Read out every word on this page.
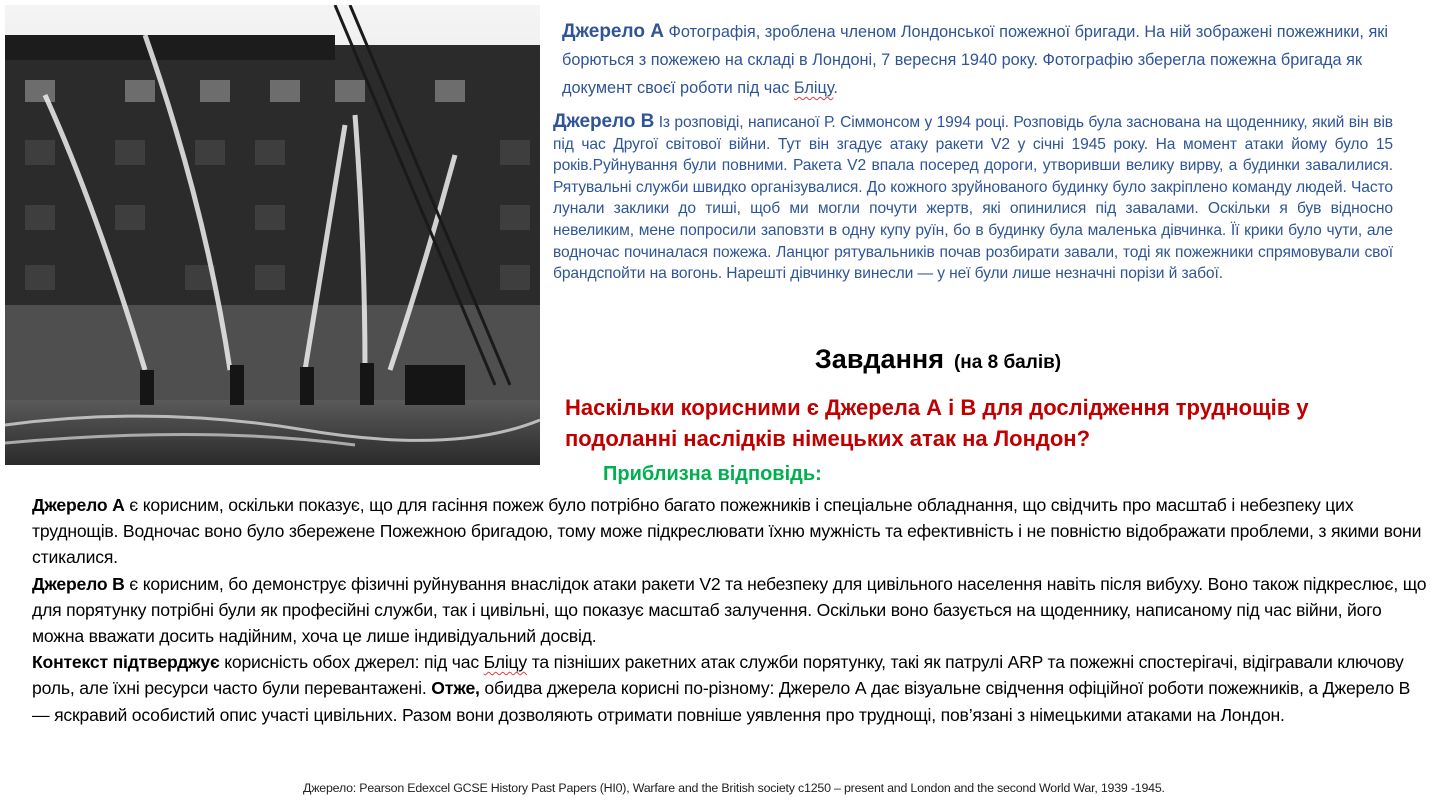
Джерело А Фотографія, зроблена членом Лондонської пожежної бригади. На ній зображені пожежники, які борються з пожежею на складі в Лондоні, 7 вересня 1940 року. Фотографію зберегла пожежна бригада як документ своєї роботи під час Бліцу.
Джерело В Із розповіді, написаної Р. Сіммонсом у 1994 році. Розповідь була заснована на щоденнику, який він вів під час Другої світової війни. Тут він згадує атаку ракети V2 у січні 1945 року. На момент атаки йому було 15 років.Руйнування були повними. Ракета V2 впала посеред дороги, утворивши велику вирву, а будинки завалилися. Рятувальні служби швидко організувалися. До кожного зруйнованого будинку було закріплено команду людей. Часто лунали заклики до тиші, щоб ми могли почути жертв, які опинилися під завалами. Оскільки я був відносно невеликим, мене попросили заповзти в одну купу руїн, бо в будинку була маленька дівчинка. Її крики було чути, але водночас починалася пожежа. Ланцюг рятувальників почав розбирати завали, тоді як пожежники спрямовували свої брандспойти на вогонь. Нарешті дівчинку винесли — у неї були лише незначні порізи й забої.
Завдання (на 8 балів)
Наскільки корисними є Джерела А і В для дослідження труднощів у подоланні наслідків німецьких атак на Лондон?
Приблизна відповідь:

Джерело А є корисним, оскільки показує, що для гасіння пожеж було потрібно багато пожежників і спеціальне обладнання, що свідчить про масштаб і небезпеку цих труднощів. Водночас воно було збережене Пожежною бригадою, тому може підкреслювати їхню мужність та ефективність і не повністю відображати проблеми, з якими вони стикалися.

Джерело В є корисним, бо демонструє фізичні руйнування внаслідок атаки ракети V2 та небезпеку для цивільного населення навіть після вибуху. Воно також підкреслює, що для порятунку потрібні були як професійні служби, так і цивільні, що показує масштаб залучення. Оскільки воно базується на щоденнику, написаному під час війни, його можна вважати досить надійним, хоча це лише індивідуальний досвід.

Контекст підтверджує корисність обох джерел: під час Бліцу та пізніших ракетних атак служби порятунку, такі як патрулі ARP та пожежні спостерігачі, відігравали ключову роль, але їхні ресурси часто були перевантажені. Отже, обидва джерела корисні по-різному: Джерело А дає візуальне свідчення офіційної роботи пожежників, а Джерело В — яскравий особистий опис участі цивільних. Разом вони дозволяють отримати повніше уявлення про труднощі, пов’язані з німецькими атаками на Лондон.

Джерело: Pearson Edexcel GCSE History Past Papers (HI0), Warfare and the British society c1250 – present and London and the second World War, 1939 -1945.
